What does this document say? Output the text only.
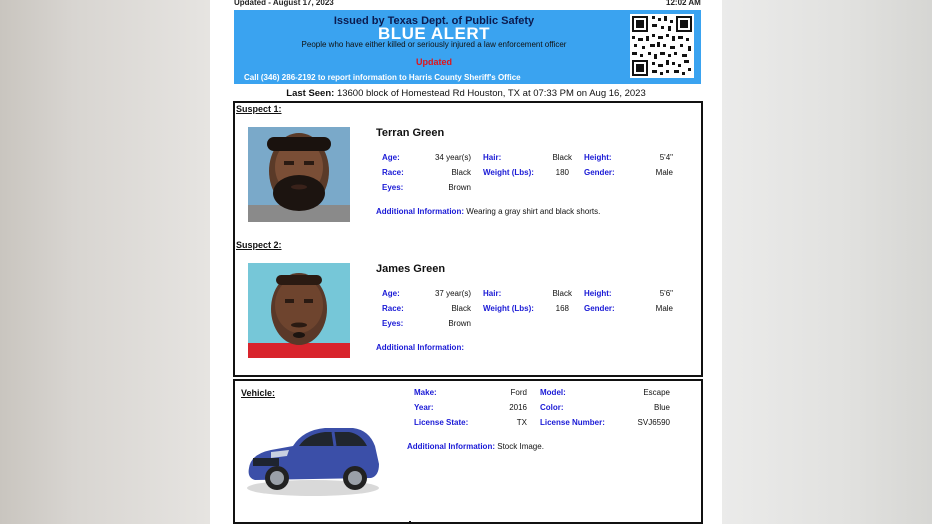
Updated - August 17, 2023	12:02 AM
Issued by Texas Dept. of Public Safety
BLUE ALERT
People who have either killed or seriously injured a law enforcement officer
Updated
Call (346) 286-2192 to report information to Harris County Sheriff's Office
Last Seen: 13600 block of Homestead Rd Houston, TX at 07:33 PM on Aug 16, 2023
Suspect 1:
Terran Green
Age:	34 year(s) Hair:	Black Height:	5'4"
Race:	Black Weight (Lbs):	180 Gender:	Male
Eyes:	Brown
Additional Information: Wearing a gray shirt and black shorts.
Suspect 2:
James Green
Age:	37 year(s) Hair:	Black Height:	5'6"
Race:	Black Weight (Lbs):	168 Gender:	Male
Eyes:	Brown
Additional Information:
Vehicle:	Make:	Ford Model:	Escape
Year:	2016 Color:	Blue
License State:	TX License Number:	SVJ6590
Additional Information: Stock Image.
